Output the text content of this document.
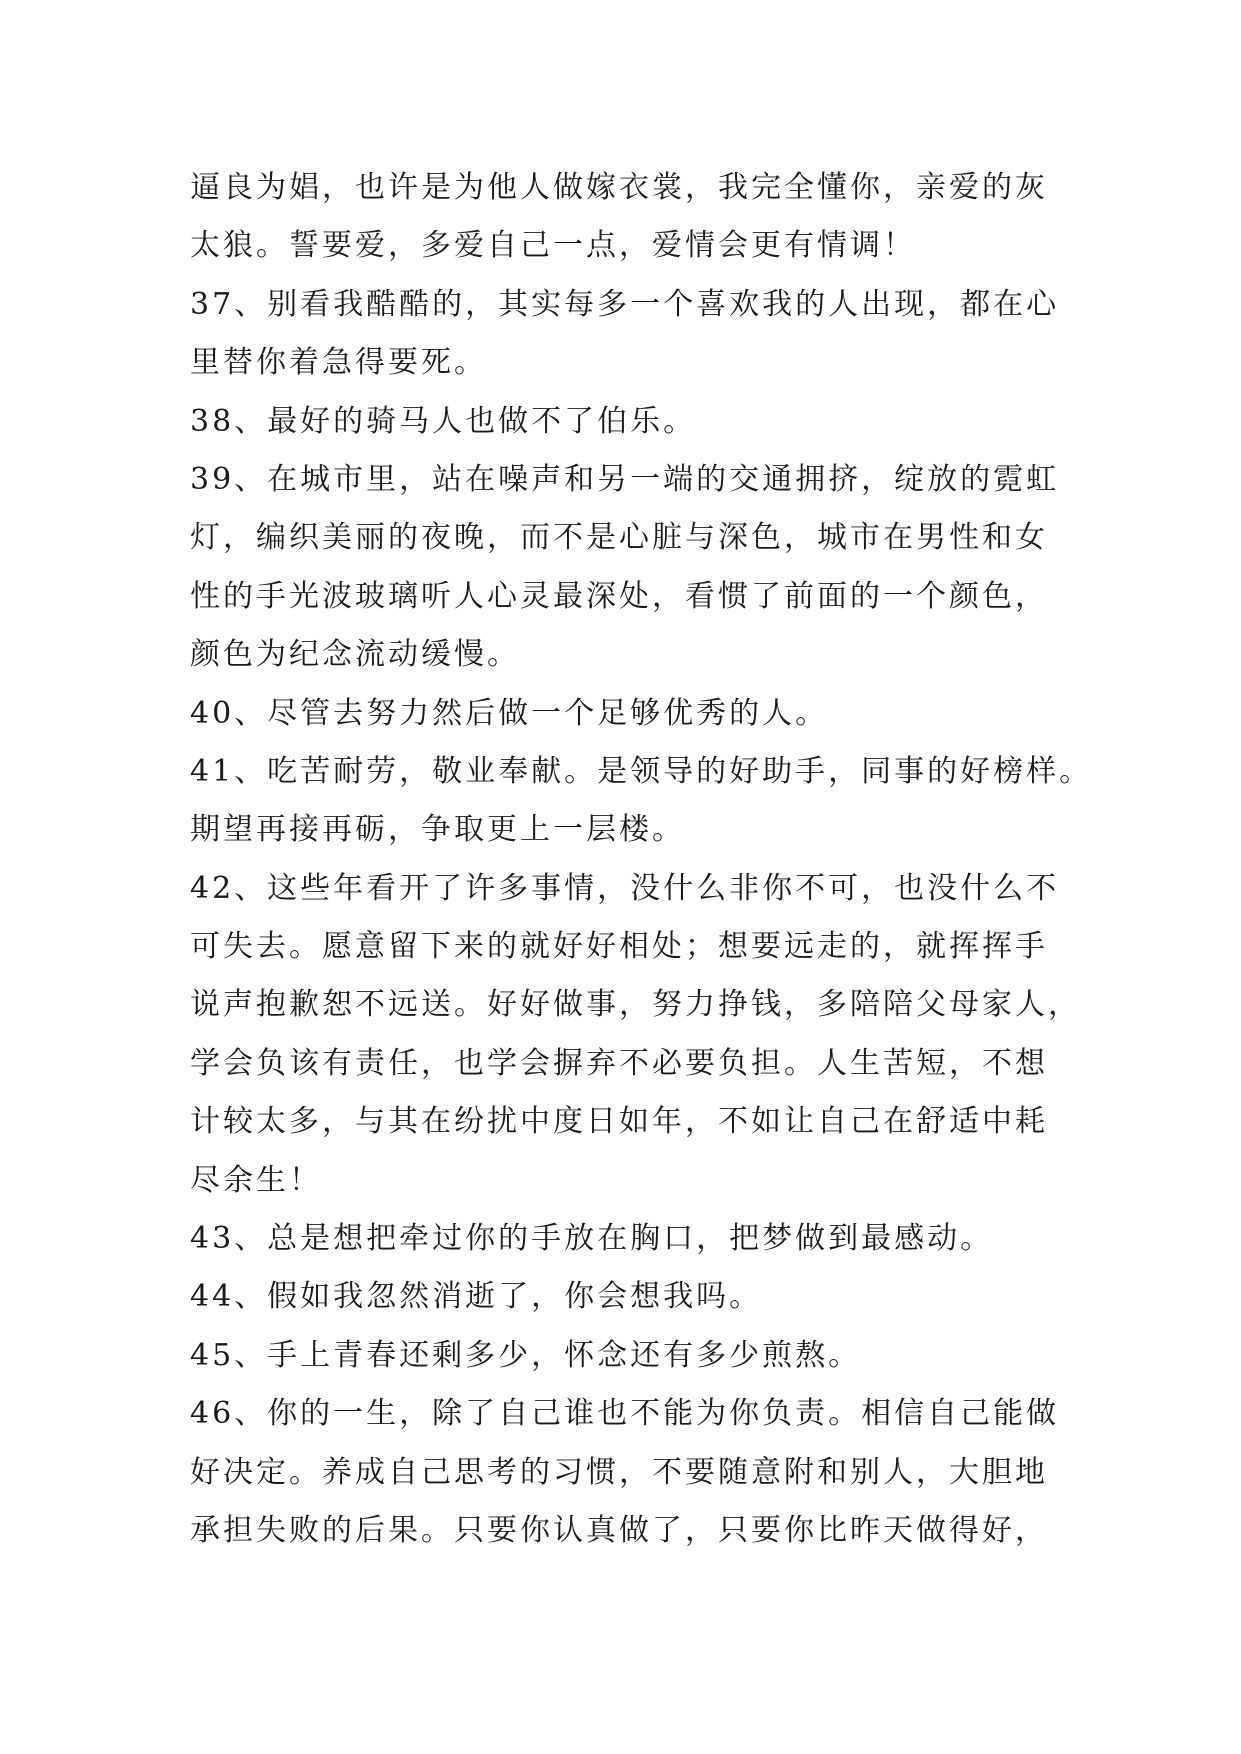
逼良为娼，也许是为他人做嫁衣裳，我完全懂你，亲爱的灰
太狼。誓要爱，多爱自己一点，爱情会更有情调！
37、别看我酷酷的，其实每多一个喜欢我的人出现，都在心
里替你着急得要死。
38、最好的骑马人也做不了伯乐。
39、在城市里，站在噪声和另一端的交通拥挤，绽放的霓虹
灯，编织美丽的夜晚，而不是心脏与深色，城市在男性和女
性的手光波玻璃听人心灵最深处，看惯了前面的一个颜色，
颜色为纪念流动缓慢。
40、尽管去努力然后做一个足够优秀的人。
41、吃苦耐劳，敬业奉献。是领导的好助手，同事的好榜样。
期望再接再砺，争取更上一层楼。
42、这些年看开了许多事情，没什么非你不可，也没什么不
可失去。愿意留下来的就好好相处；想要远走的，就挥挥手
说声抱歉恕不远送。好好做事，努力挣钱，多陪陪父母家人，
学会负该有责任，也学会摒弃不必要负担。人生苦短，不想
计较太多，与其在纷扰中度日如年，不如让自己在舒适中耗
尽余生！
43、总是想把牵过你的手放在胸口，把梦做到最感动。
44、假如我忽然消逝了，你会想我吗。
45、手上青春还剩多少，怀念还有多少煎熬。
46、你的一生，除了自己谁也不能为你负责。相信自己能做
好决定。养成自己思考的习惯，不要随意附和别人，大胆地
承担失败的后果。只要你认真做了，只要你比昨天做得好，
